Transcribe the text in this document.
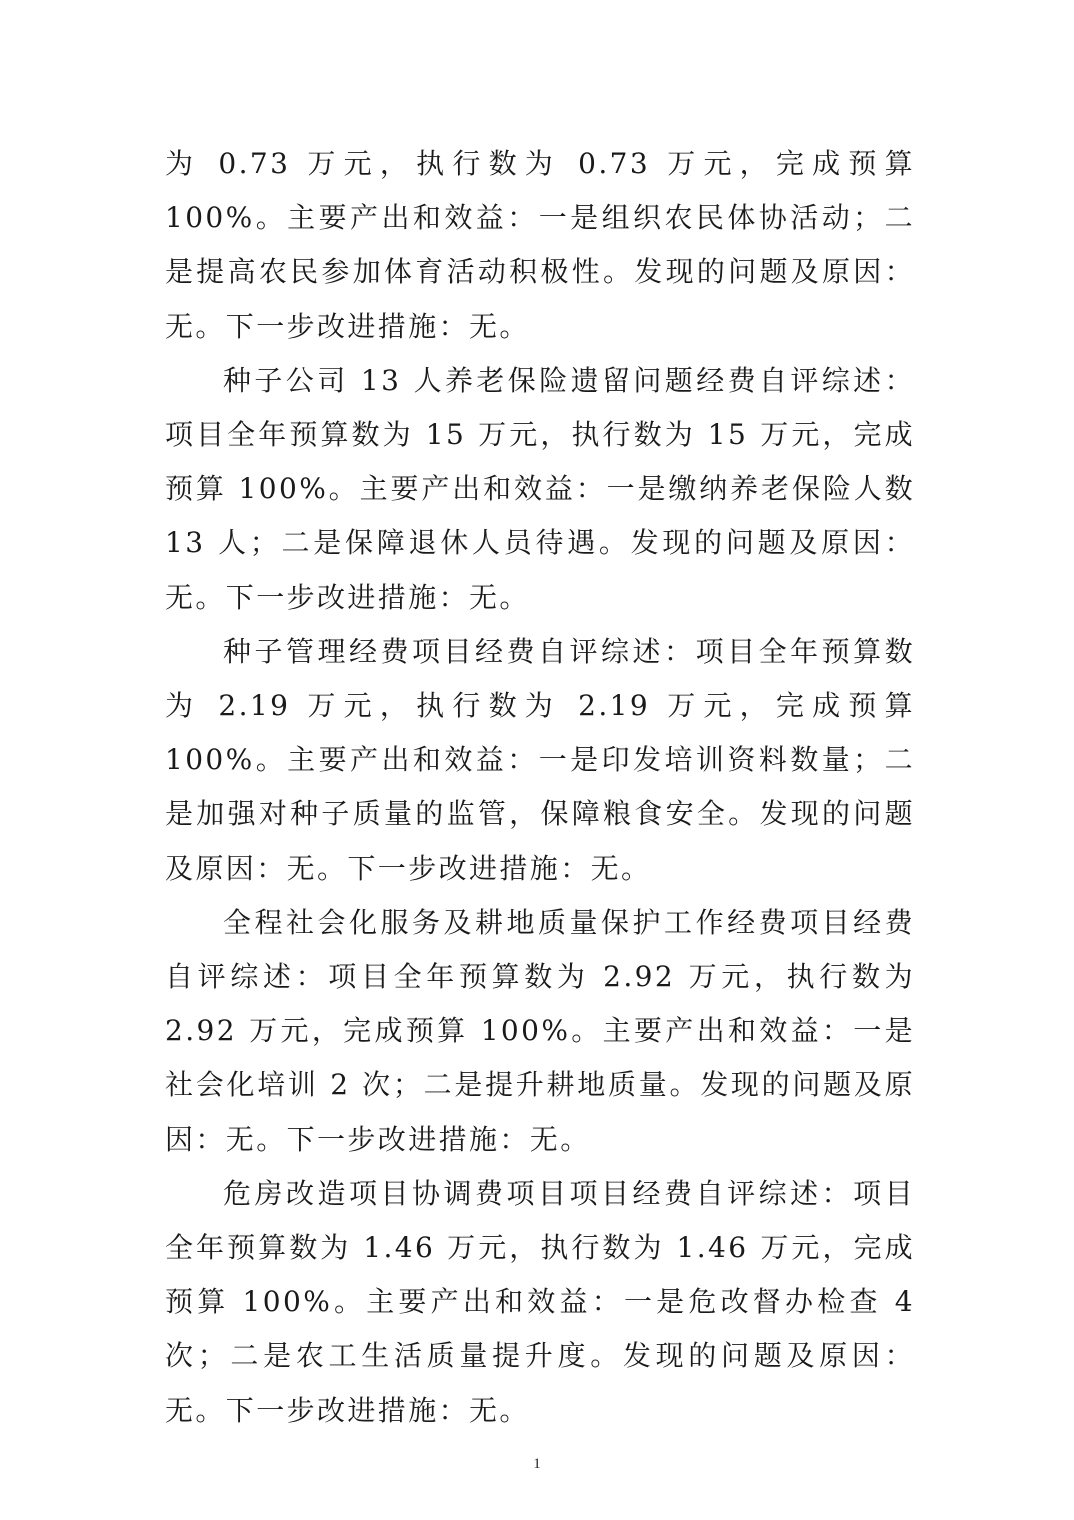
为 0.73 万元，执行数为 0.73 万元，完成预算 100%。主要产出和效益：一是组织农民体协活动；二是提高农民参加体育活动积极性。发现的问题及原因：无。下一步改进措施：无。

种子公司 13 人养老保险遗留问题经费自评综述：项目全年预算数为 15 万元，执行数为 15 万元，完成预算 100%。主要产出和效益：一是缴纳养老保险人数 13 人；二是保障退休人员待遇。发现的问题及原因：无。下一步改进措施：无。

种子管理经费项目经费自评综述：项目全年预算数为 2.19 万元，执行数为 2.19 万元，完成预算 100%。主要产出和效益：一是印发培训资料数量；二是加强对种子质量的监管，保障粮食安全。发现的问题及原因：无。下一步改进措施：无。

全程社会化服务及耕地质量保护工作经费项目经费自评综述：项目全年预算数为 2.92 万元，执行数为 2.92 万元，完成预算 100%。主要产出和效益：一是社会化培训 2 次；二是提升耕地质量。发现的问题及原因：无。下一步改进措施：无。

危房改造项目协调费项目项目经费自评综述：项目全年预算数为 1.46 万元，执行数为 1.46 万元，完成预算 100%。主要产出和效益：一是危改督办检查 4 次；二是农工生活质量提升度。发现的问题及原因：无。下一步改进措施：无。

1
